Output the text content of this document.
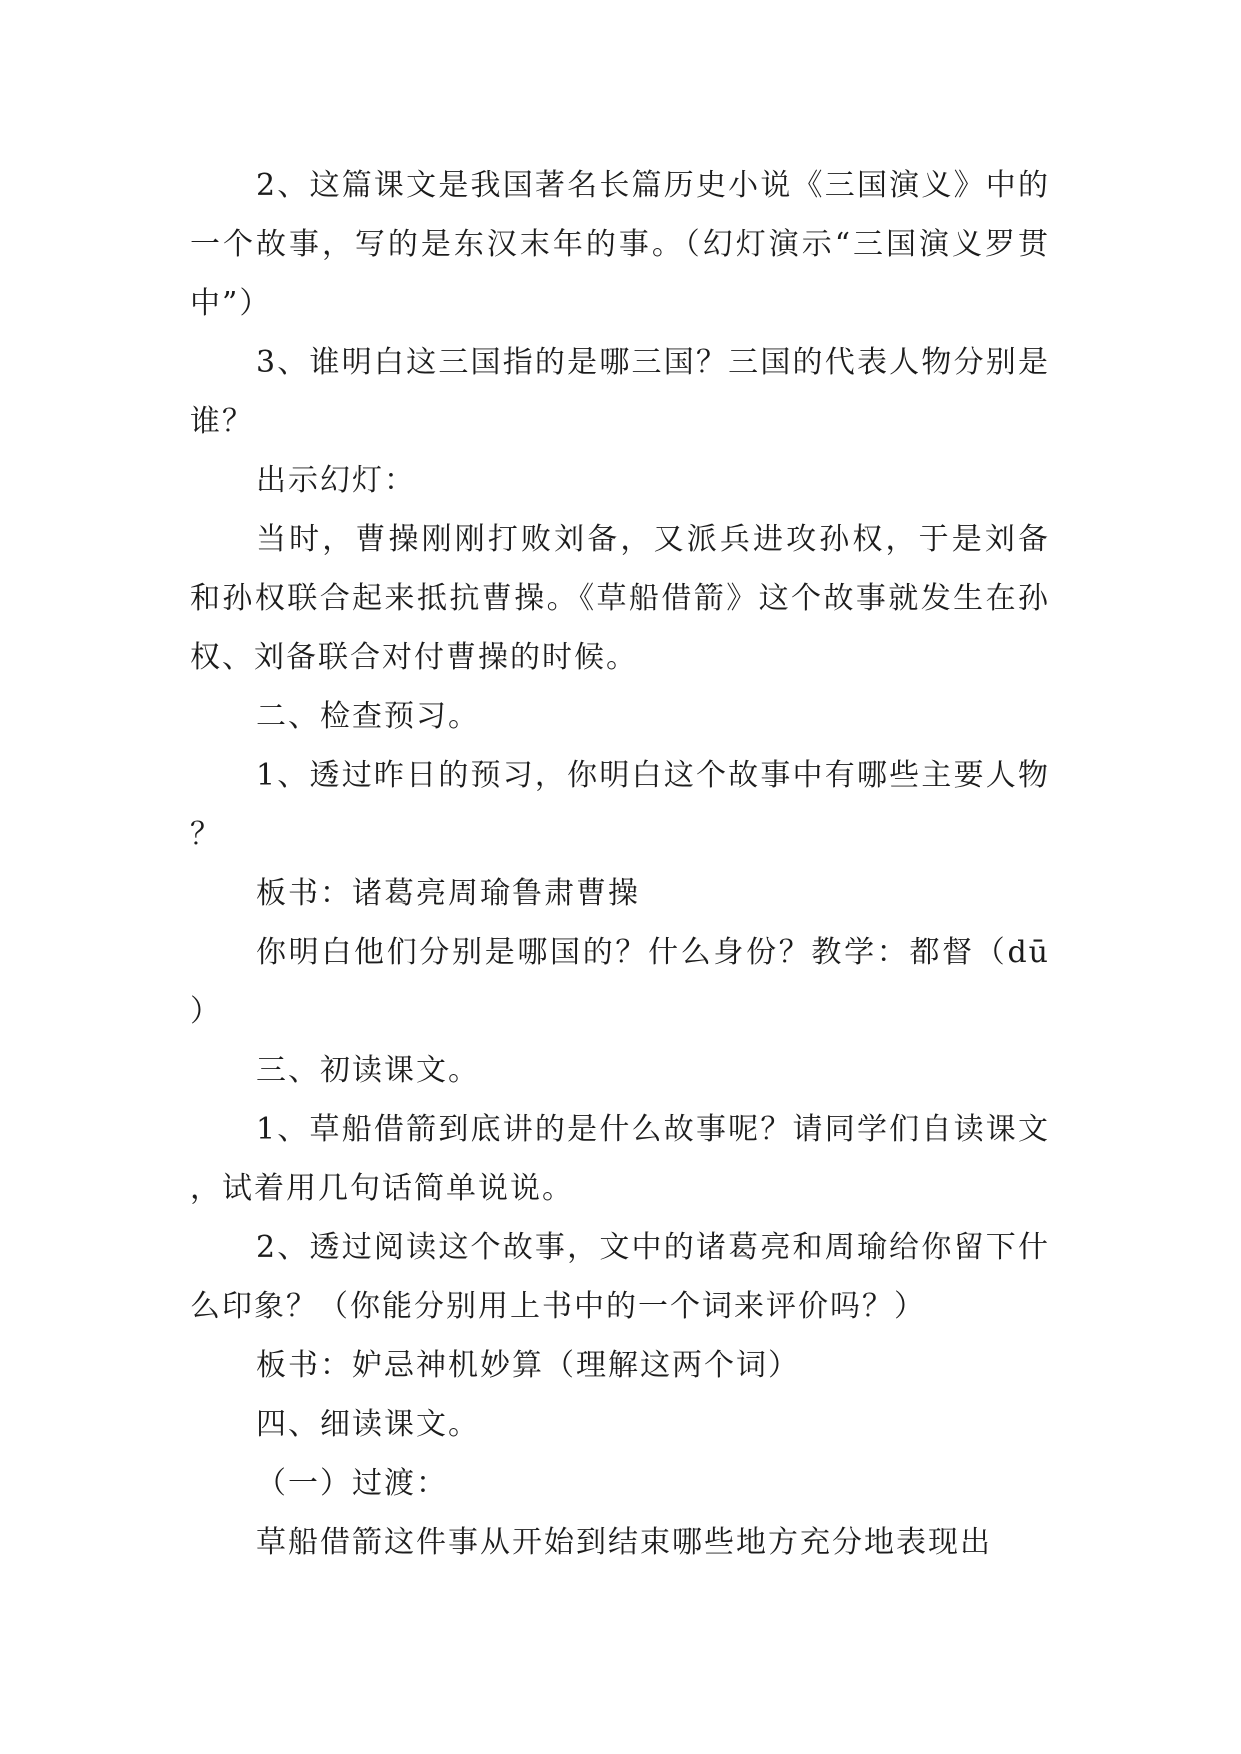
2、这篇课文是我国著名长篇历史小说《三国演义》中的一个故事，写的是东汉末年的事。（幻灯演示“三国演义罗贯中”）

3、谁明白这三国指的是哪三国？三国的代表人物分别是谁？

出示幻灯：

当时，曹操刚刚打败刘备，又派兵进攻孙权，于是刘备和孙权联合起来抵抗曹操。《草船借箭》这个故事就发生在孙权、刘备联合对付曹操的时候。

二、检查预习。

1、透过昨日的预习，你明白这个故事中有哪些主要人物？

板书：诸葛亮周瑜鲁肃曹操

你明白他们分别是哪国的？什么身份？教学：都督（dū）

三、初读课文。

1、草船借箭到底讲的是什么故事呢？请同学们自读课文，试着用几句话简单说说。

2、透过阅读这个故事，文中的诸葛亮和周瑜给你留下什么印象？（你能分别用上书中的一个词来评价吗？）

板书：妒忌神机妙算（理解这两个词）

四、细读课文。

（一）过渡：

草船借箭这件事从开始到结束哪些地方充分地表现出
